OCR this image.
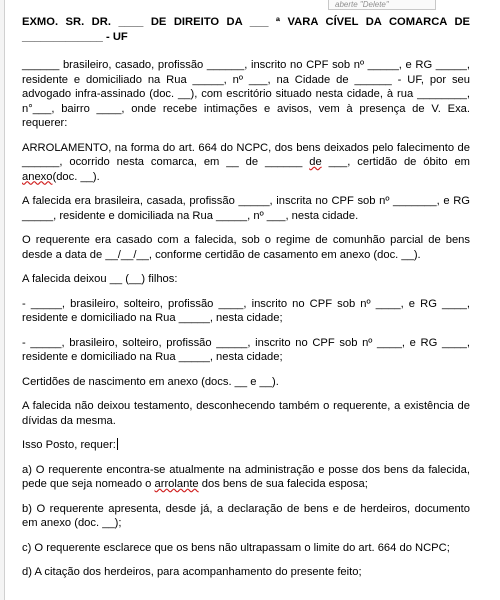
aberte "Delete"

EXMO. SR. DR. ____ DE DIREITO DA ___ ª VARA CÍVEL DA COMARCA DE _____________ - UF

______ brasileiro, casado, profissão ______, inscrito no CPF sob nº _____, e RG _____, residente e domiciliado na Rua _____, nº ___, na Cidade de ______ - UF, por seu advogado infra-assinado (doc. __), com escritório situado nesta cidade, à rua ________, n°___, bairro ____, onde recebe intimações e avisos, vem à presença de V. Exa. requerer:

ARROLAMENTO, na forma do art. 664 do NCPC, dos bens deixados pelo falecimento de ______, ocorrido nesta comarca, em __ de ______ de ___, certidão de óbito em anexo(doc. __).

A falecida era brasileira, casada, profissão _____, inscrita no CPF sob nº _______, e RG _____, residente e domiciliada na Rua _____, nº ___, nesta cidade.

O requerente era casado com a falecida, sob o regime de comunhão parcial de bens desde a data de __/__/__, conforme certidão de casamento em anexo (doc. __).

A falecida deixou __ (__) filhos:

- _____, brasileiro, solteiro, profissão ____, inscrito no CPF sob nº ____, e RG ____, residente e domiciliado na Rua _____, nesta cidade;

- _____, brasileiro, solteiro, profissão _____, inscrito no CPF sob nº ____, e RG ____, residente e domiciliado na Rua _____, nesta cidade;

Certidões de nascimento em anexo (docs. __ e __).

A falecida não deixou testamento, desconhecendo também o requerente, a existência de dívidas da mesma.

Isso Posto, requer:

a) O requerente encontra-se atualmente na administração e posse dos bens da falecida, pede que seja nomeado o arrolante dos bens de sua falecida esposa;

b) O requerente apresenta, desde já, a declaração de bens e de herdeiros, documento em anexo (doc. __);

c) O requerente esclarece que os bens não ultrapassam o limite do art. 664 do NCPC;

d) A citação dos herdeiros, para acompanhamento do presente feito;
